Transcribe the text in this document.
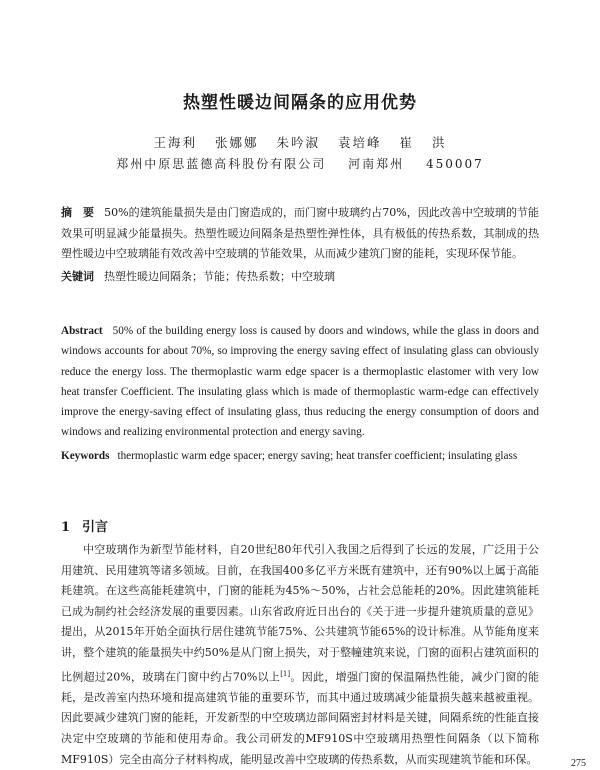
热塑性暖边间隔条的应用优势
王海利 张娜娜 朱吟淑 袁培峰 崔 洪
郑州中原思蓝德高科股份有限公司 河南郑州 450007

摘　要 50%的建筑能量损失是由门窗造成的，而门窗中玻璃约占70%，因此改善中空玻璃的节能效果可明显减少能量损失。热塑性暖边间隔条是热塑性弹性体，具有极低的传热系数，其制成的热塑性暖边中空玻璃能有效改善中空玻璃的节能效果，从而减少建筑门窗的能耗，实现环保节能。

关键词 热塑性暖边间隔条；节能；传热系数；中空玻璃

Abstract 50% of the building energy loss is caused by doors and windows, while the glass in doors and windows accounts for about 70%, so improving the energy saving effect of insulating glass can obviously reduce the energy loss. The thermoplastic warm edge spacer is a thermoplastic elastomer with very low heat transfer Coefficient. The insulating glass which is made of thermoplastic warm-edge can effectively improve the energy-saving effect of insulating glass, thus reducing the energy consumption of doors and windows and realizing environmental protection and energy saving.

Keywords thermoplastic warm edge spacer; energy saving; heat transfer coefficient; insulating glass

1 引言

中空玻璃作为新型节能材料，自20世纪80年代引入我国之后得到了长远的发展，广泛用于公用建筑、民用建筑等诸多领域。目前，在我国400多亿平方米既有建筑中，还有90%以上属于高能耗建筑。在这些高能耗建筑中，门窗的能耗为45%～50%，占社会总能耗的20%。因此建筑能耗已成为制约社会经济发展的重要因素。山东省政府近日出台的《关于进一步提升建筑质量的意见》提出，从2015年开始全面执行居住建筑节能75%、公共建筑节能65%的设计标准。从节能角度来讲，整个建筑的能量损失中约50%是从门窗上损失，对于整幢建筑来说，门窗的面积占建筑面积的比例超过20%，玻璃在门窗中约占70%以上[1]。因此，增强门窗的保温隔热性能，减少门窗的能耗，是改善室内热环境和提高建筑节能的重要环节，而其中通过玻璃减少能量损失越来越被重视。因此要减少建筑门窗的能耗，开发新型的中空玻璃边部间隔密封材料是关键，间隔系统的性能直接决定中空玻璃的节能和使用寿命。我公司研发的MF910S中空玻璃用热塑性间隔条（以下简称MF910S）完全由高分子材料构成，能明显改善中空玻璃的传热系数，从而实现建筑节能和环保。	275
